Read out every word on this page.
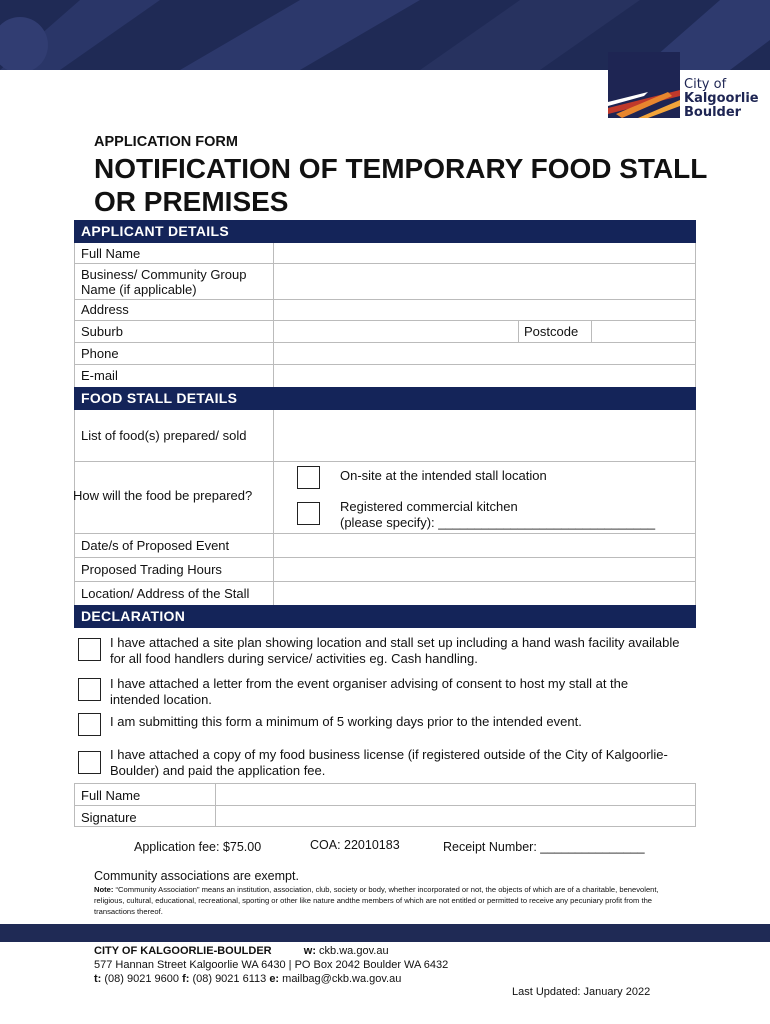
City of
Kalgoorlie
Boulder
APPLICATION FORM
NOTIFICATION OF TEMPORARY FOOD STALL OR PREMISES
APPLICANT DETAILS
Full Name
Business/ Community Group Name (if applicable)
Address
Suburb	Postcode
Phone
E-mail
FOOD STALL DETAILS
List of food(s) prepared/ sold
How will the food be prepared?
On-site at the intended stall location
Registered commercial kitchen
(please specify): ______________________________
Date/s of Proposed Event
Proposed Trading Hours
Location/ Address of the Stall
DECLARATION
I have attached a site plan showing location and stall set up including a hand wash facility available for all food handlers during service/ activities eg. Cash handling.
I have attached a letter from the event organiser advising of consent to host my stall at the intended location.
I am submitting this form a minimum of 5 working days prior to the intended event.
I have attached a copy of my food business license (if registered outside of the City of Kalgoorlie-Boulder) and paid the application fee.
Full Name
Signature
Application fee: $75.00	COA: 22010183	Receipt Number: _______________
Community associations are exempt.
Note: “Community Association” means an institution, association, club, society or body, whether incorporated or not, the objects of which are of a charitable, benevolent, religious, cultural, educational, recreational, sporting or other like nature andthe members of which are not entitled or permitted to receive any pecuniary profit from the transactions thereof.
CITY OF KALGOORLIE-BOULDER	w: ckb.wa.gov.au
577 Hannan Street Kalgoorlie WA 6430 | PO Box 2042 Boulder WA 6432
t: (08) 9021 9600 f: (08) 9021 6113 e: mailbag@ckb.wa.gov.au
Last Updated: January 2022
